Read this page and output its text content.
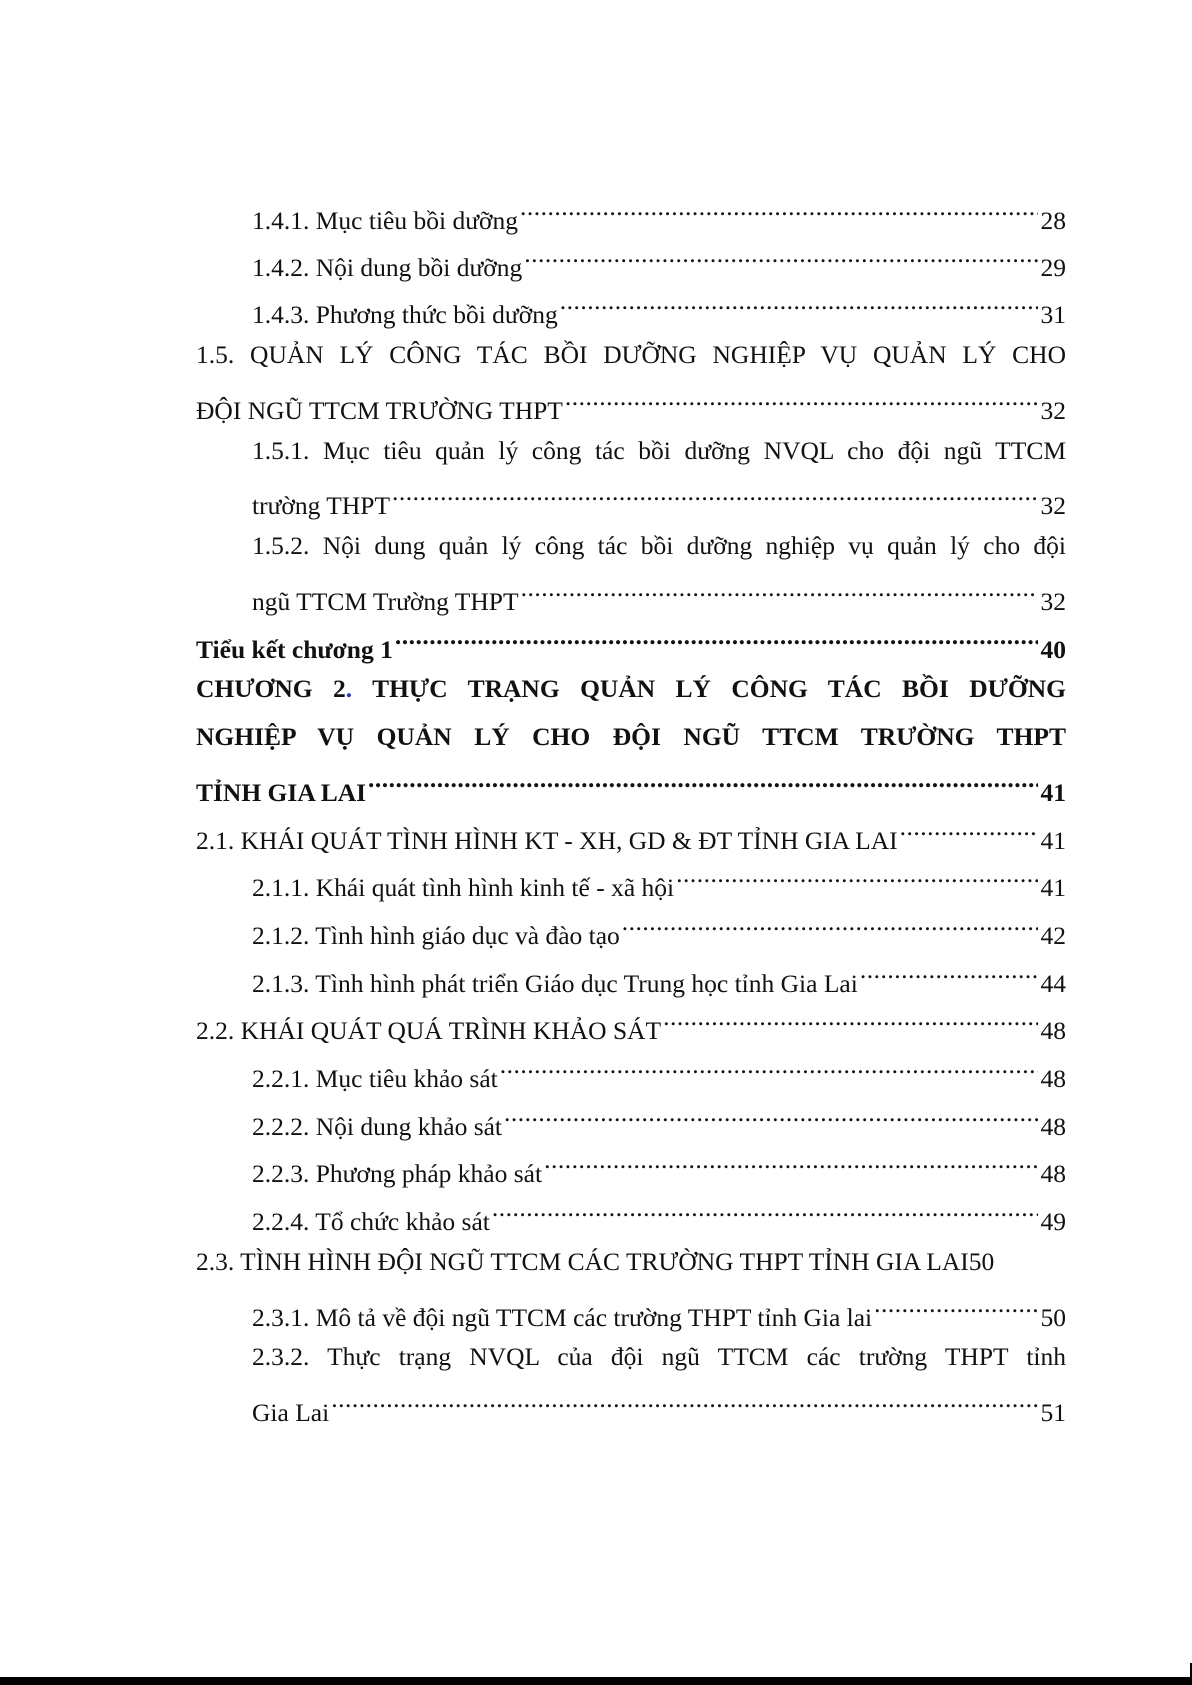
1.4.1. Mục tiêu bồi dưỡng .....	28
1.4.2. Nội dung bồi dưỡng .....	29
1.4.3. Phương thức bồi dưỡng .....	31
1.5. QUẢN LÝ CÔNG TÁC BỒI DƯỠNG NGHIỆP VỤ QUẢN LÝ CHO
ĐỘI NGŨ TTCM TRƯỜNG THPT .....	32
1.5.1. Mục tiêu quản lý công tác bồi dưỡng NVQL cho đội ngũ TTCM
trường THPT .....	32
1.5.2. Nội dung quản lý công tác bồi dưỡng nghiệp vụ quản lý cho đội
ngũ TTCM Trường THPT .....	32
Tiểu kết chương 1 .....	40
CHƯƠNG 2. THỰC TRẠNG QUẢN LÝ CÔNG TÁC BỒI DƯỠNG
NGHIỆP VỤ QUẢN LÝ CHO ĐỘI NGŨ TTCM TRƯỜNG THPT
TỈNH GIA LAI .....	41
2.1. KHÁI QUÁT TÌNH HÌNH KT - XH, GD & ĐT TỈNH GIA LAI .....	41
2.1.1. Khái quát tình hình kinh tế - xã hội .....	41
2.1.2. Tình hình giáo dục và đào tạo .....	42
2.1.3. Tình hình phát triển Giáo dục Trung học tỉnh Gia Lai .....	44
2.2. KHÁI QUÁT QUÁ TRÌNH KHẢO SÁT .....	48
2.2.1. Mục tiêu khảo sát .....	48
2.2.2. Nội dung khảo sát .....	48
2.2.3. Phương pháp khảo sát .....	48
2.2.4. Tổ chức khảo sát .....	49
2.3. TÌNH HÌNH ĐỘI NGŨ TTCM CÁC TRƯỜNG THPT TỈNH GIA LAI50
2.3.1. Mô tả về đội ngũ TTCM các trường THPT tỉnh Gia lai .....	50
2.3.2. Thực trạng NVQL của đội ngũ TTCM các trường THPT tỉnh
Gia Lai .....	51
